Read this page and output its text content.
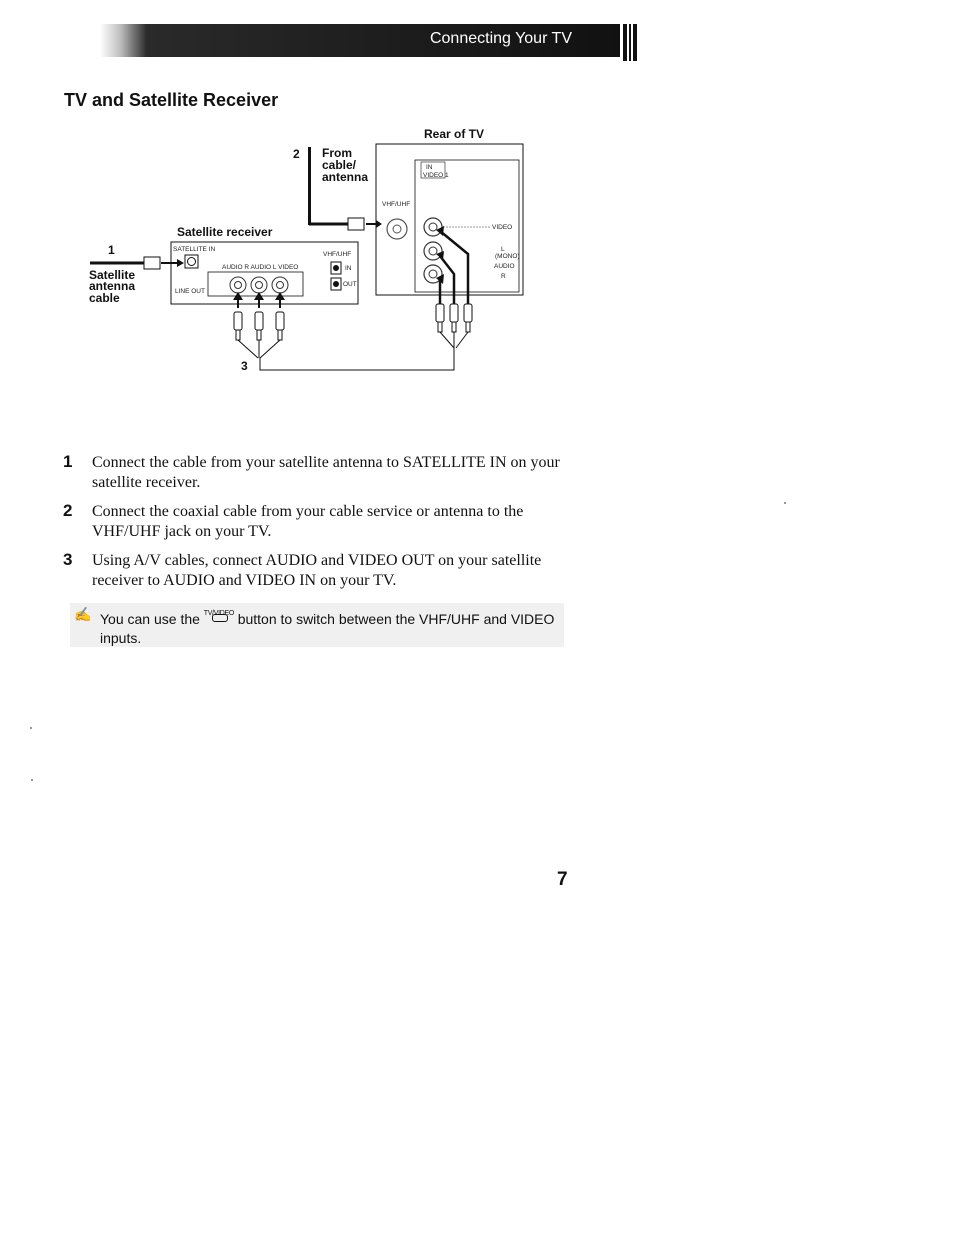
Connecting Your TV
TV and Satellite Receiver
2 From
cable/
antenna
Rear of TV
IN
VIDEO 1
VHF/UHF
VIDEO
L
(MONO)
AUDIO
R
Satellite receiver
SATELLITE IN
AUDIO R AUDIO L VIDEO
LINE OUT
VHF/UHF
IN
OUT
1
Satellite
antenna
cable
3
1 Connect the cable from your satellite antenna to SATELLITE IN on your satellite receiver.
2 Connect the coaxial cable from your cable service or antenna to the VHF/UHF jack on your TV.
3 Using A/V cables, connect AUDIO and VIDEO OUT on your satellite receiver to AUDIO and VIDEO IN on your TV.
✍ You can use the TV/VIDEO button to switch between the VHF/UHF and VIDEO inputs.
7
